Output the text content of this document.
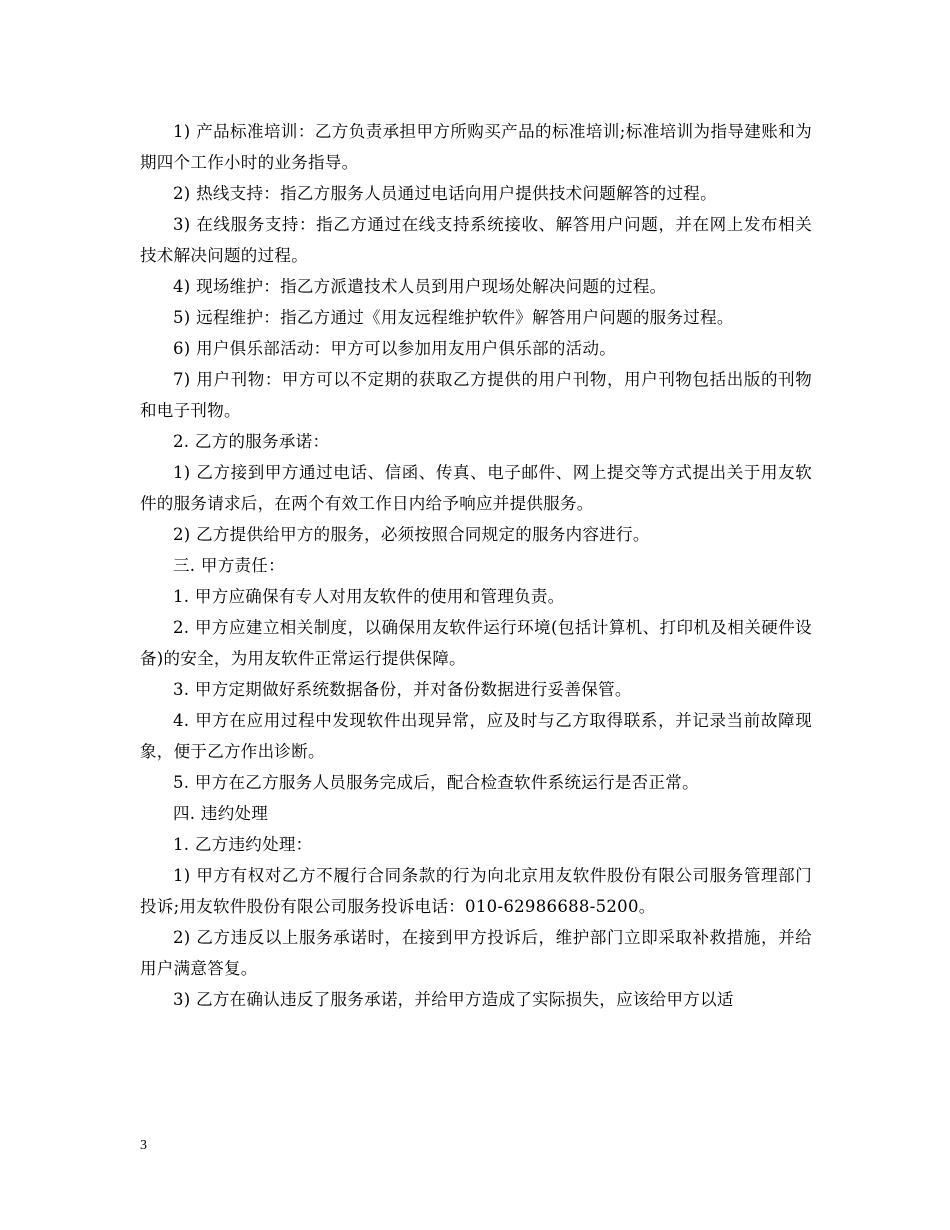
1) 产品标准培训：乙方负责承担甲方所购买产品的标准培训;标准培训为指导建账和为期四个工作小时的业务指导。

2) 热线支持：指乙方服务人员通过电话向用户提供技术问题解答的过程。

3) 在线服务支持：指乙方通过在线支持系统接收、解答用户问题，并在网上发布相关技术解决问题的过程。

4) 现场维护：指乙方派遣技术人员到用户现场处解决问题的过程。

5) 远程维护：指乙方通过《用友远程维护软件》解答用户问题的服务过程。

6) 用户俱乐部活动：甲方可以参加用友用户俱乐部的活动。

7) 用户刊物：甲方可以不定期的获取乙方提供的用户刊物，用户刊物包括出版的刊物和电子刊物。

2. 乙方的服务承诺：

1) 乙方接到甲方通过电话、信函、传真、电子邮件、网上提交等方式提出关于用友软件的服务请求后，在两个有效工作日内给予响应并提供服务。

2) 乙方提供给甲方的服务，必须按照合同规定的服务内容进行。

三. 甲方责任：

1. 甲方应确保有专人对用友软件的使用和管理负责。

2. 甲方应建立相关制度，以确保用友软件运行环境(包括计算机、打印机及相关硬件设备)的安全，为用友软件正常运行提供保障。

3. 甲方定期做好系统数据备份，并对备份数据进行妥善保管。

4. 甲方在应用过程中发现软件出现异常，应及时与乙方取得联系，并记录当前故障现象，便于乙方作出诊断。

5. 甲方在乙方服务人员服务完成后，配合检查软件系统运行是否正常。

四. 违约处理

1. 乙方违约处理：

1) 甲方有权对乙方不履行合同条款的行为向北京用友软件股份有限公司服务管理部门投诉;用友软件股份有限公司服务投诉电话：010-62986688-5200。

2) 乙方违反以上服务承诺时，在接到甲方投诉后，维护部门立即采取补救措施，并给用户满意答复。

3) 乙方在确认违反了服务承诺，并给甲方造成了实际损失，应该给甲方以适

3
